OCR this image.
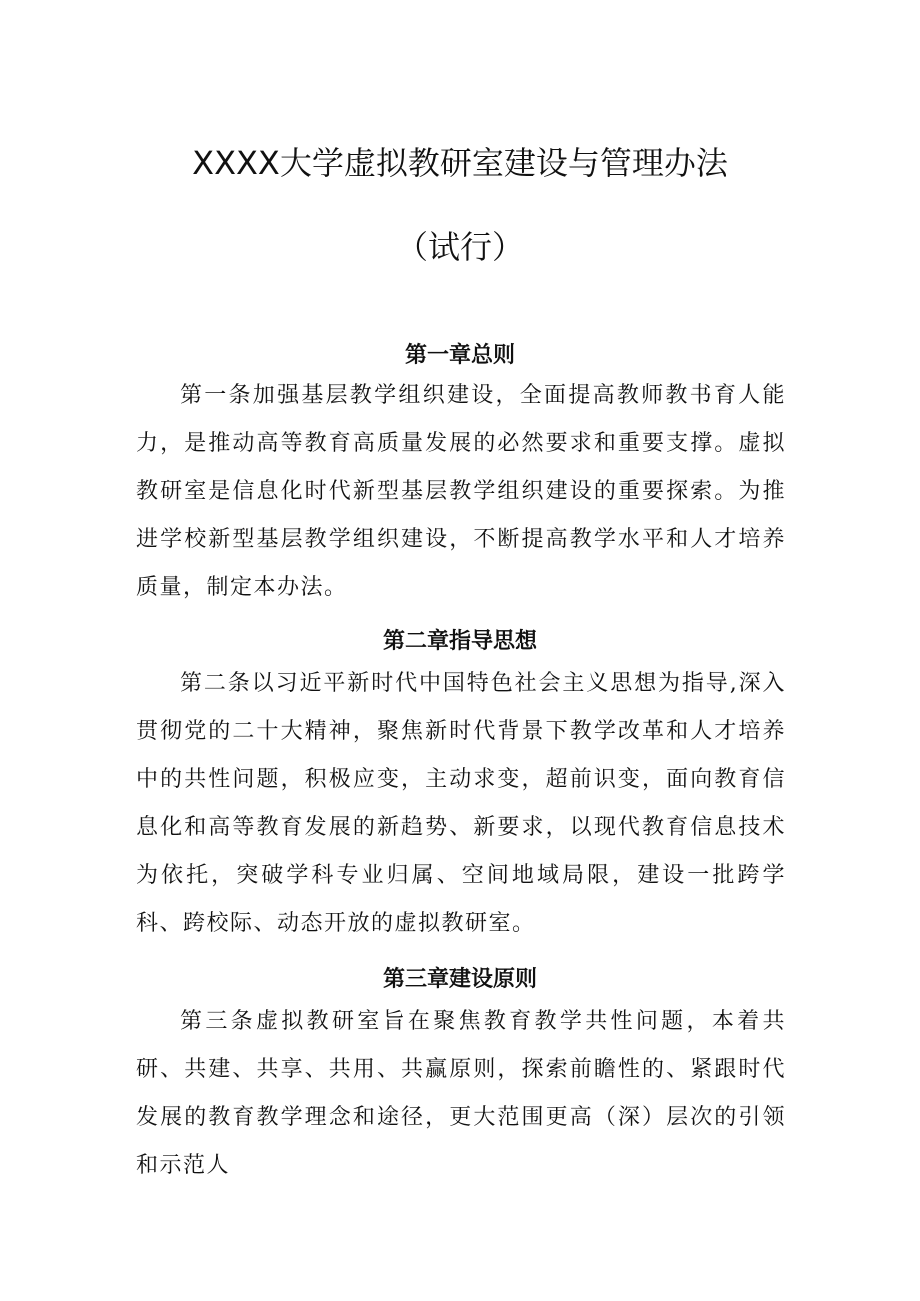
XXXX大学虚拟教研室建设与管理办法
（试行）
第一章总则

第一条加强基层教学组织建设，全面提高教师教书育人能力，是推动高等教育高质量发展的必然要求和重要支撑。虚拟教研室是信息化时代新型基层教学组织建设的重要探索。为推进学校新型基层教学组织建设，不断提高教学水平和人才培养质量，制定本办法。

第二章指导思想

第二条以习近平新时代中国特色社会主义思想为指导,深入贯彻党的二十大精神，聚焦新时代背景下教学改革和人才培养中的共性问题，积极应变，主动求变，超前识变，面向教育信息化和高等教育发展的新趋势、新要求，以现代教育信息技术为依托，突破学科专业归属、空间地域局限，建设一批跨学科、跨校际、动态开放的虚拟教研室。

第三章建设原则

第三条虚拟教研室旨在聚焦教育教学共性问题，本着共研、共建、共享、共用、共赢原则，探索前瞻性的、紧跟时代发展的教育教学理念和途径，更大范围更高（深）层次的引领和示范人
